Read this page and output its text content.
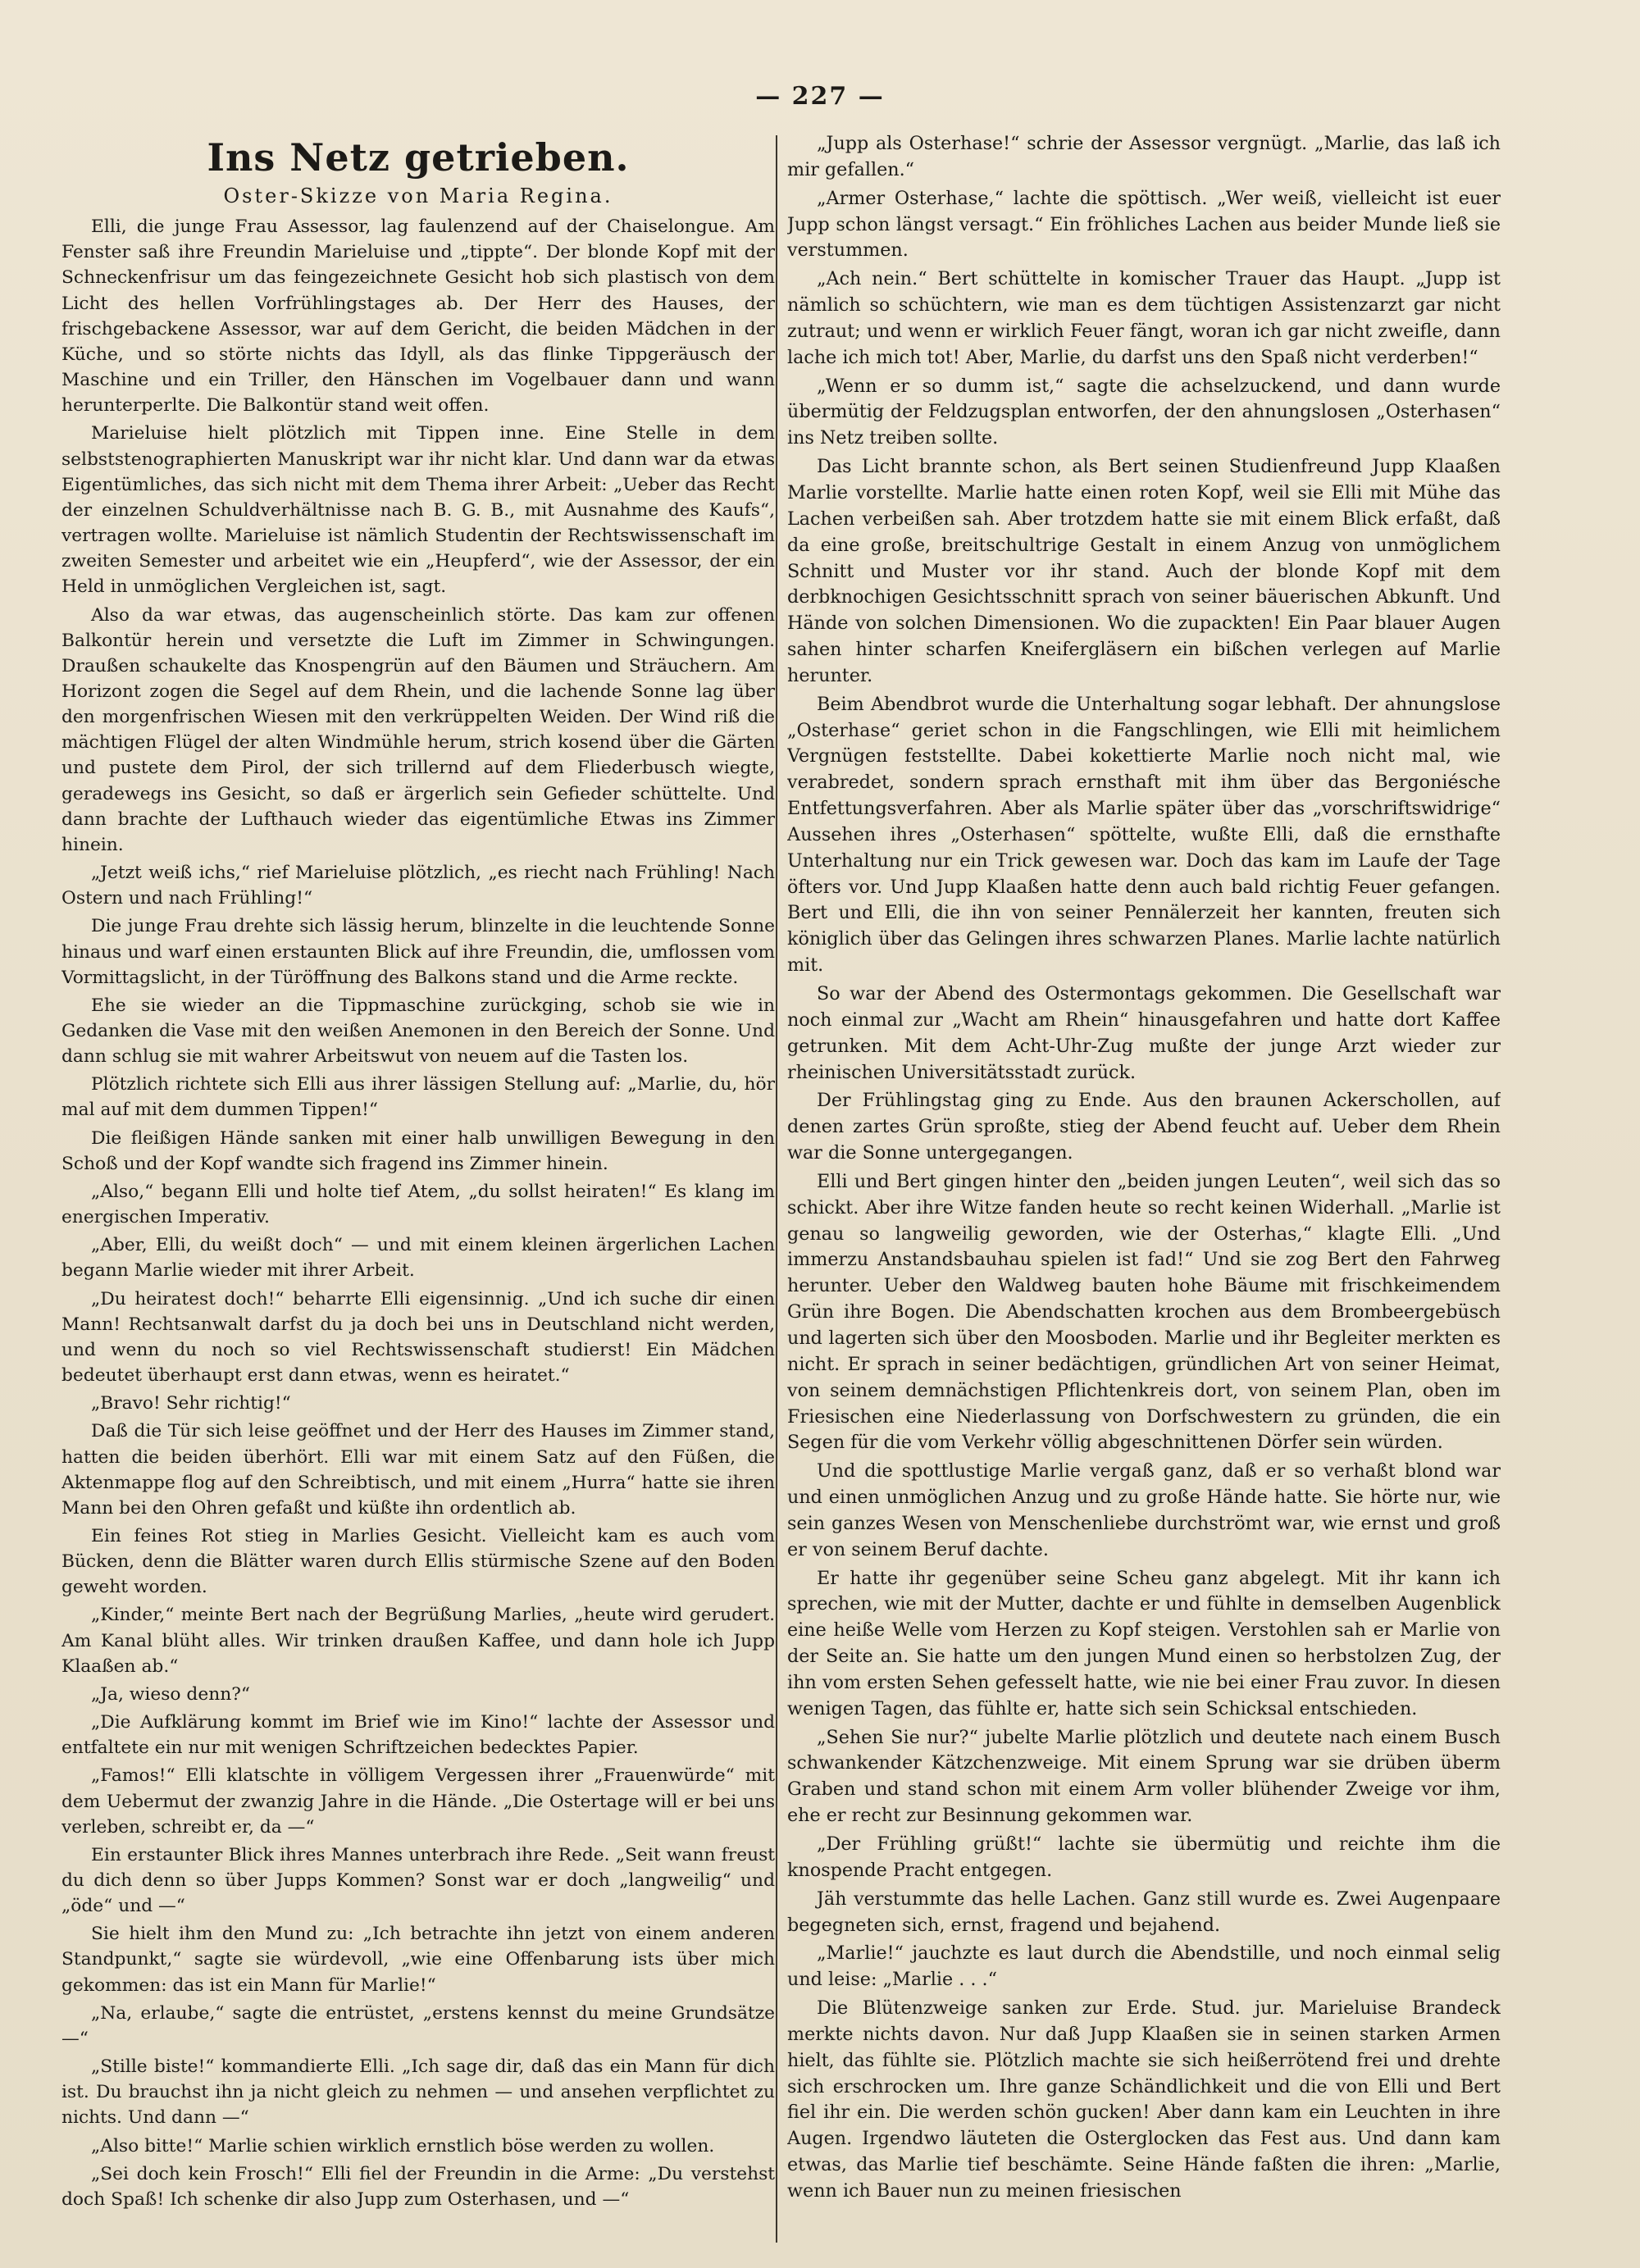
— 227 —
Ins Netz getrieben.
Oster-Skizze von Maria Regina.

Elli, die junge Frau Assessor, lag faulenzend auf der Chaiselongue. Am Fenster saß ihre Freundin Marieluise und „tippte“. Der blonde Kopf mit der Schneckenfrisur um das feingezeichnete Gesicht hob sich plastisch von dem Licht des hellen Vorfrühlingstages ab. Der Herr des Hauses, der frischgebackene Assessor, war auf dem Gericht, die beiden Mädchen in der Küche, und so störte nichts das Idyll, als das flinke Tippgeräusch der Maschine und ein Triller, den Hänschen im Vogelbauer dann und wann herunterperlte. Die Balkontür stand weit offen.

Marieluise hielt plötzlich mit Tippen inne. Eine Stelle in dem selbststenographierten Manuskript war ihr nicht klar. Und dann war da etwas Eigentümliches, das sich nicht mit dem Thema ihrer Arbeit: „Ueber das Recht der einzelnen Schuldverhältnisse nach B. G. B., mit Ausnahme des Kaufs“, vertragen wollte. Marieluise ist nämlich Studentin der Rechtswissenschaft im zweiten Semester und arbeitet wie ein „Heupferd“, wie der Assessor, der ein Held in unmöglichen Vergleichen ist, sagt.

Also da war etwas, das augenscheinlich störte. Das kam zur offenen Balkontür herein und versetzte die Luft im Zimmer in Schwingungen. Draußen schaukelte das Knospengrün auf den Bäumen und Sträuchern. Am Horizont zogen die Segel auf dem Rhein, und die lachende Sonne lag über den morgenfrischen Wiesen mit den verkrüppelten Weiden. Der Wind riß die mächtigen Flügel der alten Windmühle herum, strich kosend über die Gärten und pustete dem Pirol, der sich trillernd auf dem Fliederbusch wiegte, geradewegs ins Gesicht, so daß er ärgerlich sein Gefieder schüttelte. Und dann brachte der Lufthauch wieder das eigentümliche Etwas ins Zimmer hinein.

„Jetzt weiß ichs,“ rief Marieluise plötzlich, „es riecht nach Frühling! Nach Ostern und nach Frühling!“

Die junge Frau drehte sich lässig herum, blinzelte in die leuchtende Sonne hinaus und warf einen erstaunten Blick auf ihre Freundin, die, umflossen vom Vormittagslicht, in der Türöffnung des Balkons stand und die Arme reckte.

Ehe sie wieder an die Tippmaschine zurückging, schob sie wie in Gedanken die Vase mit den weißen Anemonen in den Bereich der Sonne. Und dann schlug sie mit wahrer Arbeitswut von neuem auf die Tasten los.

Plötzlich richtete sich Elli aus ihrer lässigen Stellung auf: „Marlie, du, hör mal auf mit dem dummen Tippen!“

Die fleißigen Hände sanken mit einer halb unwilligen Bewegung in den Schoß und der Kopf wandte sich fragend ins Zimmer hinein.

„Also,“ begann Elli und holte tief Atem, „du sollst heiraten!“ Es klang im energischen Imperativ.

„Aber, Elli, du weißt doch“ — und mit einem kleinen ärgerlichen Lachen begann Marlie wieder mit ihrer Arbeit.

„Du heiratest doch!“ beharrte Elli eigensinnig. „Und ich suche dir einen Mann! Rechtsanwalt darfst du ja doch bei uns in Deutschland nicht werden, und wenn du noch so viel Rechtswissenschaft studierst! Ein Mädchen bedeutet überhaupt erst dann etwas, wenn es heiratet.“

„Bravo! Sehr richtig!“

Daß die Tür sich leise geöffnet und der Herr des Hauses im Zimmer stand, hatten die beiden überhört. Elli war mit einem Satz auf den Füßen, die Aktenmappe flog auf den Schreibtisch, und mit einem „Hurra“ hatte sie ihren Mann bei den Ohren gefaßt und küßte ihn ordentlich ab.

Ein feines Rot stieg in Marlies Gesicht. Vielleicht kam es auch vom Bücken, denn die Blätter waren durch Ellis stürmische Szene auf den Boden geweht worden.

„Kinder,“ meinte Bert nach der Begrüßung Marlies, „heute wird gerudert. Am Kanal blüht alles. Wir trinken draußen Kaffee, und dann hole ich Jupp Klaaßen ab.“

„Ja, wieso denn?“

„Die Aufklärung kommt im Brief wie im Kino!“ lachte der Assessor und entfaltete ein nur mit wenigen Schriftzeichen bedecktes Papier.

„Famos!“ Elli klatschte in völligem Vergessen ihrer „Frauenwürde“ mit dem Uebermut der zwanzig Jahre in die Hände. „Die Ostertage will er bei uns verleben, schreibt er, da —“

Ein erstaunter Blick ihres Mannes unterbrach ihre Rede. „Seit wann freust du dich denn so über Jupps Kommen? Sonst war er doch „langweilig“ und „öde“ und —“

Sie hielt ihm den Mund zu: „Ich betrachte ihn jetzt von einem anderen Standpunkt,“ sagte sie würdevoll, „wie eine Offenbarung ists über mich gekommen: das ist ein Mann für Marlie!“

„Na, erlaube,“ sagte die entrüstet, „erstens kennst du meine Grundsätze —“

„Stille biste!“ kommandierte Elli. „Ich sage dir, daß das ein Mann für dich ist. Du brauchst ihn ja nicht gleich zu nehmen — und ansehen verpflichtet zu nichts. Und dann —“

„Also bitte!“ Marlie schien wirklich ernstlich böse werden zu wollen.

„Sei doch kein Frosch!“ Elli fiel der Freundin in die Arme: „Du verstehst doch Spaß! Ich schenke dir also Jupp zum Osterhasen, und —“

„Jupp als Osterhase!“ schrie der Assessor vergnügt. „Marlie, das laß ich mir gefallen.“

„Armer Osterhase,“ lachte die spöttisch. „Wer weiß, vielleicht ist euer Jupp schon längst versagt.“ Ein fröhliches Lachen aus beider Munde ließ sie verstummen.

„Ach nein.“ Bert schüttelte in komischer Trauer das Haupt. „Jupp ist nämlich so schüchtern, wie man es dem tüchtigen Assistenzarzt gar nicht zutraut; und wenn er wirklich Feuer fängt, woran ich gar nicht zweifle, dann lache ich mich tot! Aber, Marlie, du darfst uns den Spaß nicht verderben!“

„Wenn er so dumm ist,“ sagte die achselzuckend, und dann wurde übermütig der Feldzugsplan entworfen, der den ahnungslosen „Osterhasen“ ins Netz treiben sollte.

Das Licht brannte schon, als Bert seinen Studienfreund Jupp Klaaßen Marlie vorstellte. Marlie hatte einen roten Kopf, weil sie Elli mit Mühe das Lachen verbeißen sah. Aber trotzdem hatte sie mit einem Blick erfaßt, daß da eine große, breitschultrige Gestalt in einem Anzug von unmöglichem Schnitt und Muster vor ihr stand. Auch der blonde Kopf mit dem derbknochigen Gesichtsschnitt sprach von seiner bäuerischen Abkunft. Und Hände von solchen Dimensionen. Wo die zupackten! Ein Paar blauer Augen sahen hinter scharfen Kneifergläsern ein bißchen verlegen auf Marlie herunter.

Beim Abendbrot wurde die Unterhaltung sogar lebhaft. Der ahnungslose „Osterhase“ geriet schon in die Fangschlingen, wie Elli mit heimlichem Vergnügen feststellte. Dabei kokettierte Marlie noch nicht mal, wie verabredet, sondern sprach ernsthaft mit ihm über das Bergoniésche Entfettungsverfahren. Aber als Marlie später über das „vorschriftswidrige“ Aussehen ihres „Osterhasen“ spöttelte, wußte Elli, daß die ernsthafte Unterhaltung nur ein Trick gewesen war. Doch das kam im Laufe der Tage öfters vor. Und Jupp Klaaßen hatte denn auch bald richtig Feuer gefangen. Bert und Elli, die ihn von seiner Pennälerzeit her kannten, freuten sich königlich über das Gelingen ihres schwarzen Planes. Marlie lachte natürlich mit.

So war der Abend des Ostermontags gekommen. Die Gesellschaft war noch einmal zur „Wacht am Rhein“ hinausgefahren und hatte dort Kaffee getrunken. Mit dem Acht-Uhr-Zug mußte der junge Arzt wieder zur rheinischen Universitätsstadt zurück.

Der Frühlingstag ging zu Ende. Aus den braunen Ackerschollen, auf denen zartes Grün sproßte, stieg der Abend feucht auf. Ueber dem Rhein war die Sonne untergegangen.

Elli und Bert gingen hinter den „beiden jungen Leuten“, weil sich das so schickt. Aber ihre Witze fanden heute so recht keinen Widerhall. „Marlie ist genau so langweilig geworden, wie der Osterhas,“ klagte Elli. „Und immerzu Anstandsbauhau spielen ist fad!“ Und sie zog Bert den Fahrweg herunter. Ueber den Waldweg bauten hohe Bäume mit frischkeimendem Grün ihre Bogen. Die Abendschatten krochen aus dem Brombeergebüsch und lagerten sich über den Moosboden. Marlie und ihr Begleiter merkten es nicht. Er sprach in seiner bedächtigen, gründlichen Art von seiner Heimat, von seinem demnächstigen Pflichtenkreis dort, von seinem Plan, oben im Friesischen eine Niederlassung von Dorfschwestern zu gründen, die ein Segen für die vom Verkehr völlig abgeschnittenen Dörfer sein würden.

Und die spottlustige Marlie vergaß ganz, daß er so verhaßt blond war und einen unmöglichen Anzug und zu große Hände hatte. Sie hörte nur, wie sein ganzes Wesen von Menschenliebe durchströmt war, wie ernst und groß er von seinem Beruf dachte.

Er hatte ihr gegenüber seine Scheu ganz abgelegt. Mit ihr kann ich sprechen, wie mit der Mutter, dachte er und fühlte in demselben Augenblick eine heiße Welle vom Herzen zu Kopf steigen. Verstohlen sah er Marlie von der Seite an. Sie hatte um den jungen Mund einen so herbstolzen Zug, der ihn vom ersten Sehen gefesselt hatte, wie nie bei einer Frau zuvor. In diesen wenigen Tagen, das fühlte er, hatte sich sein Schicksal entschieden.

„Sehen Sie nur?“ jubelte Marlie plötzlich und deutete nach einem Busch schwankender Kätzchenzweige. Mit einem Sprung war sie drüben überm Graben und stand schon mit einem Arm voller blühender Zweige vor ihm, ehe er recht zur Besinnung gekommen war.

„Der Frühling grüßt!“ lachte sie übermütig und reichte ihm die knospende Pracht entgegen.

Jäh verstummte das helle Lachen. Ganz still wurde es. Zwei Augenpaare begegneten sich, ernst, fragend und bejahend.

„Marlie!“ jauchzte es laut durch die Abendstille, und noch einmal selig und leise: „Marlie . . .“

Die Blütenzweige sanken zur Erde. Stud. jur. Marieluise Brandeck merkte nichts davon. Nur daß Jupp Klaaßen sie in seinen starken Armen hielt, das fühlte sie. Plötzlich machte sie sich heißerrötend frei und drehte sich erschrocken um. Ihre ganze Schändlichkeit und die von Elli und Bert fiel ihr ein. Die werden schön gucken! Aber dann kam ein Leuchten in ihre Augen. Irgendwo läuteten die Osterglocken das Fest aus. Und dann kam etwas, das Marlie tief beschämte. Seine Hände faßten die ihren: „Marlie, wenn ich Bauer nun zu meinen friesischen
